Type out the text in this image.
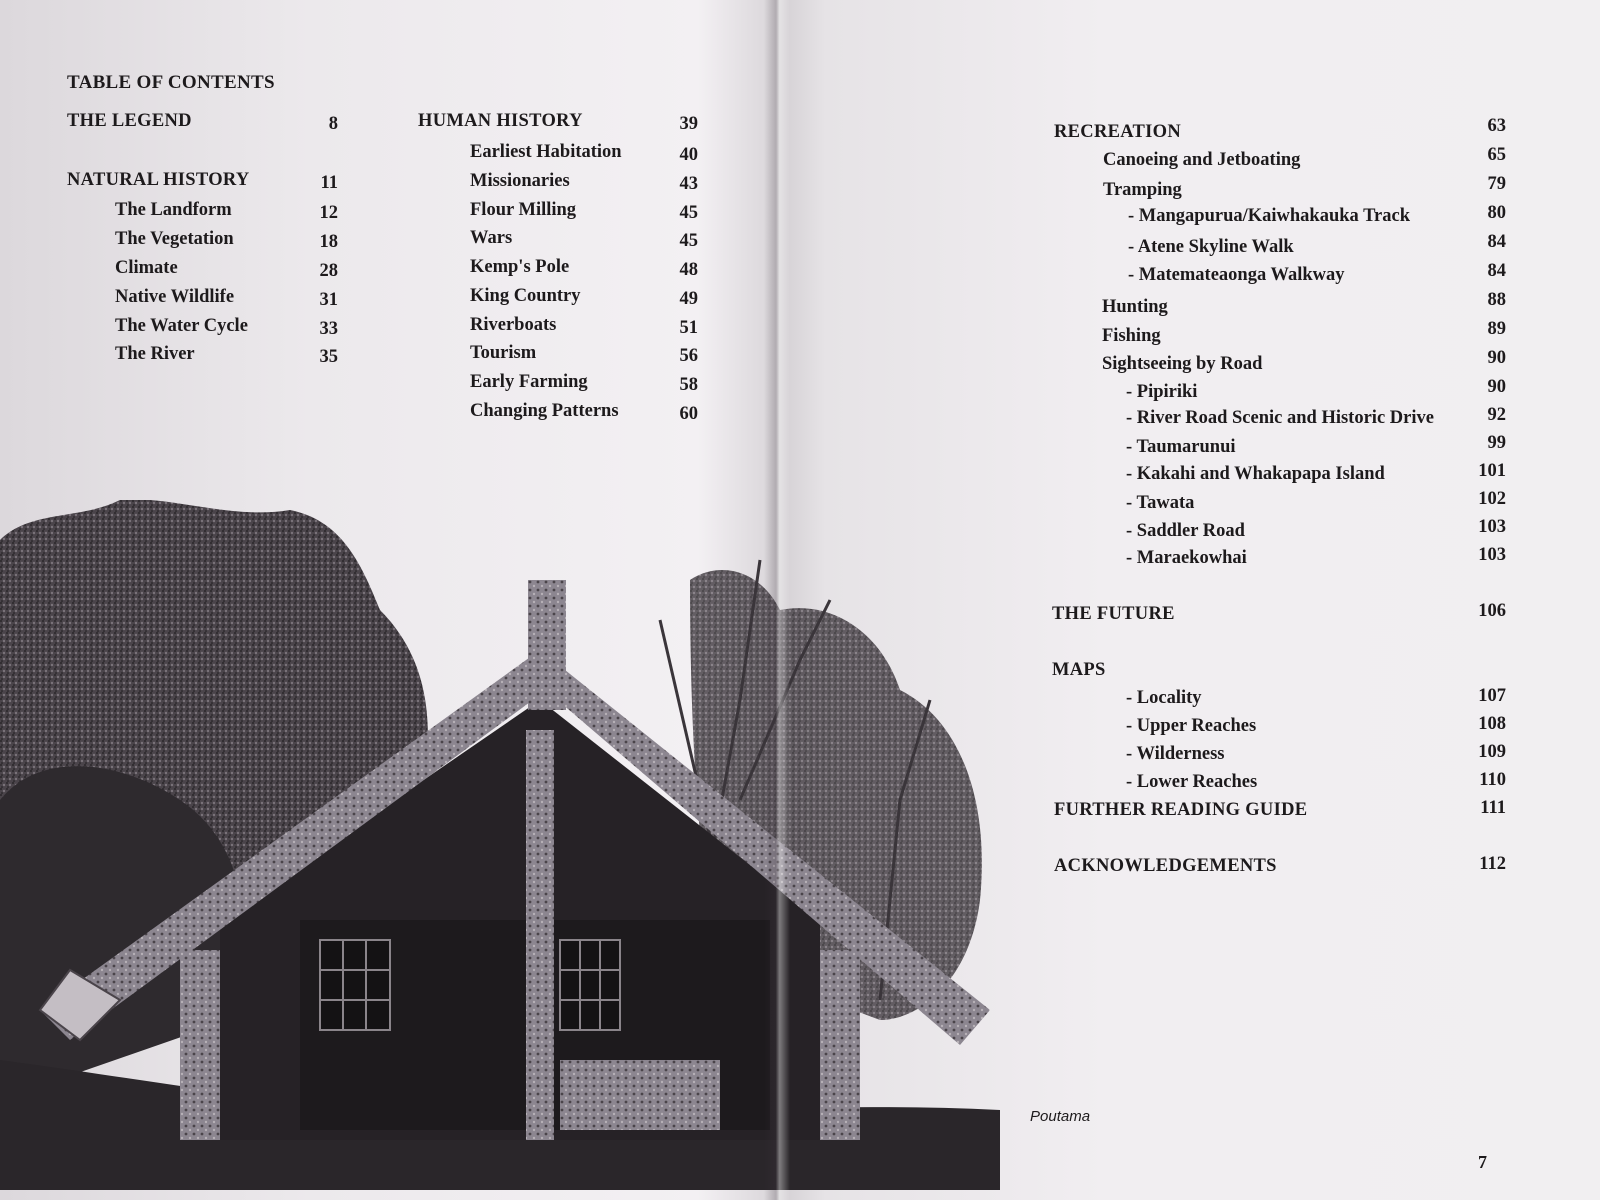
TABLE OF CONTENTS
THE LEGEND	8
NATURAL HISTORY	11
The Landform	12
The Vegetation	18
Climate	28
Native Wildlife	31
The Water Cycle	33
The River	35
HUMAN HISTORY	39
Earliest Habitation	40
Missionaries	43
Flour Milling	45
Wars	45
Kemp's Pole	48
King Country	49
Riverboats	51
Tourism	56
Early Farming	58
Changing Patterns	60
RECREATION	63
Canoeing and Jetboating	65
Tramping	79
- Mangapurua/Kaiwhakauka Track	80
- Atene Skyline Walk	84
- Matemateaonga Walkway	84
Hunting	88
Fishing	89
Sightseeing by Road	90
- Pipiriki	90
- River Road Scenic and Historic Drive	92
- Taumarunui	99
- Kakahi and Whakapapa Island	101
- Tawata	102
- Saddler Road	103
- Maraekowhai	103
THE FUTURE	106
MAPS
- Locality	107
- Upper Reaches	108
- Wilderness	109
- Lower Reaches	110
FURTHER READING GUIDE	111
ACKNOWLEDGEMENTS	112
Poutama
7
